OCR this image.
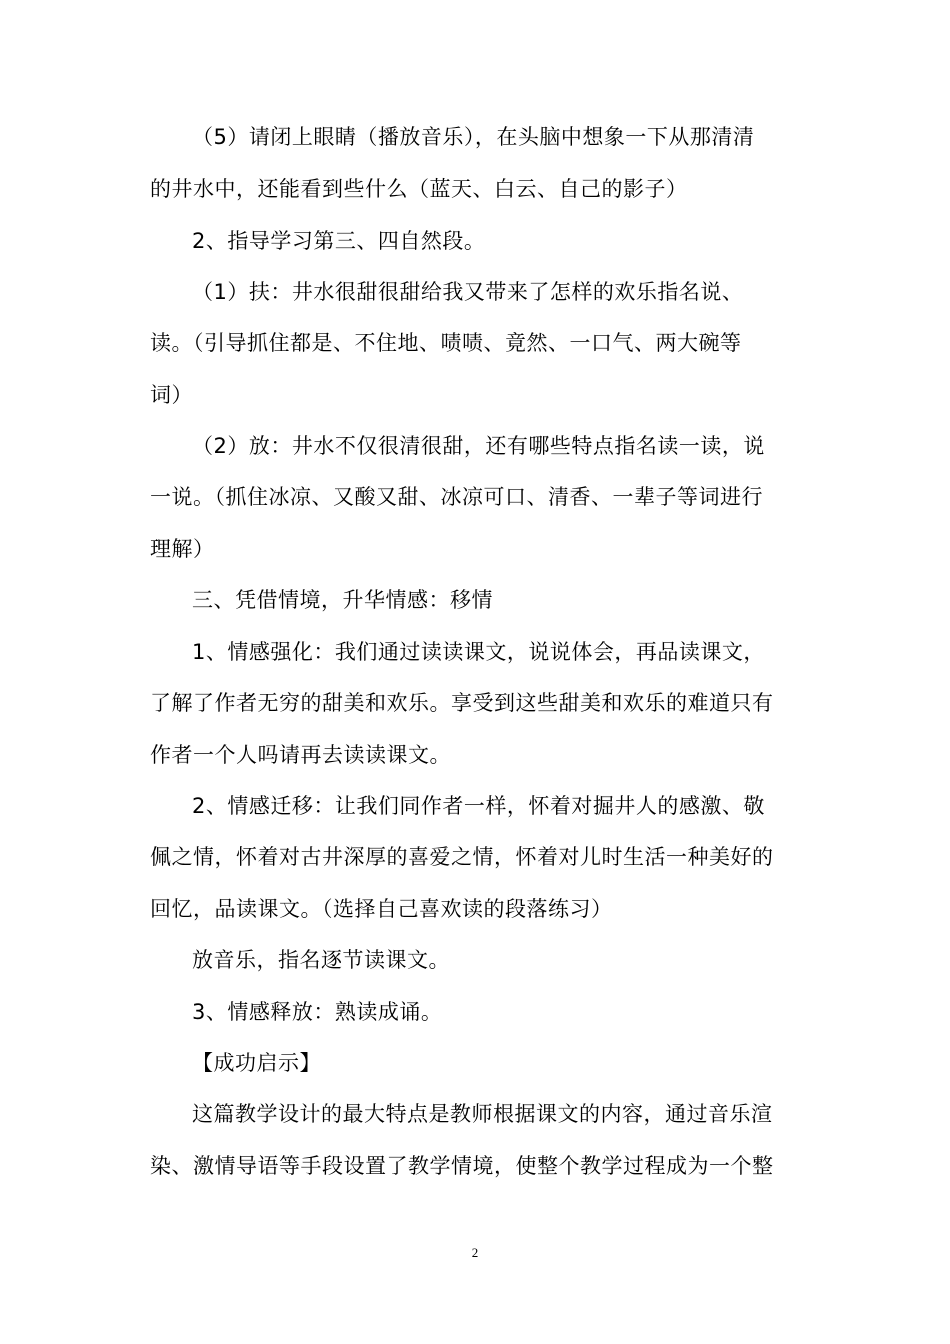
（5）请闭上眼睛（播放音乐），在头脑中想象一下从那清清
的井水中，还能看到些什么（蓝天、白云、自己的影子）
2、指导学习第三、四自然段。
（1）扶：井水很甜很甜给我又带来了怎样的欢乐指名说、
读。（引导抓住都是、不住地、啧啧、竟然、一口气、两大碗等
词）
（2）放：井水不仅很清很甜，还有哪些特点指名读一读，说
一说。（抓住冰凉、又酸又甜、冰凉可口、清香、一辈子等词进行
理解）
三、凭借情境，升华情感：移情
1、情感强化：我们通过读读课文，说说体会，再品读课文，
了解了作者无穷的甜美和欢乐。享受到这些甜美和欢乐的难道只有
作者一个人吗请再去读读课文。
2、情感迁移：让我们同作者一样，怀着对掘井人的感激、敬
佩之情，怀着对古井深厚的喜爱之情，怀着对儿时生活一种美好的
回忆，品读课文。（选择自己喜欢读的段落练习）
放音乐，指名逐节读课文。
3、情感释放：熟读成诵。
【成功启示】
这篇教学设计的最大特点是教师根据课文的内容，通过音乐渲
染、激情导语等手段设置了教学情境，使整个教学过程成为一个整
2
